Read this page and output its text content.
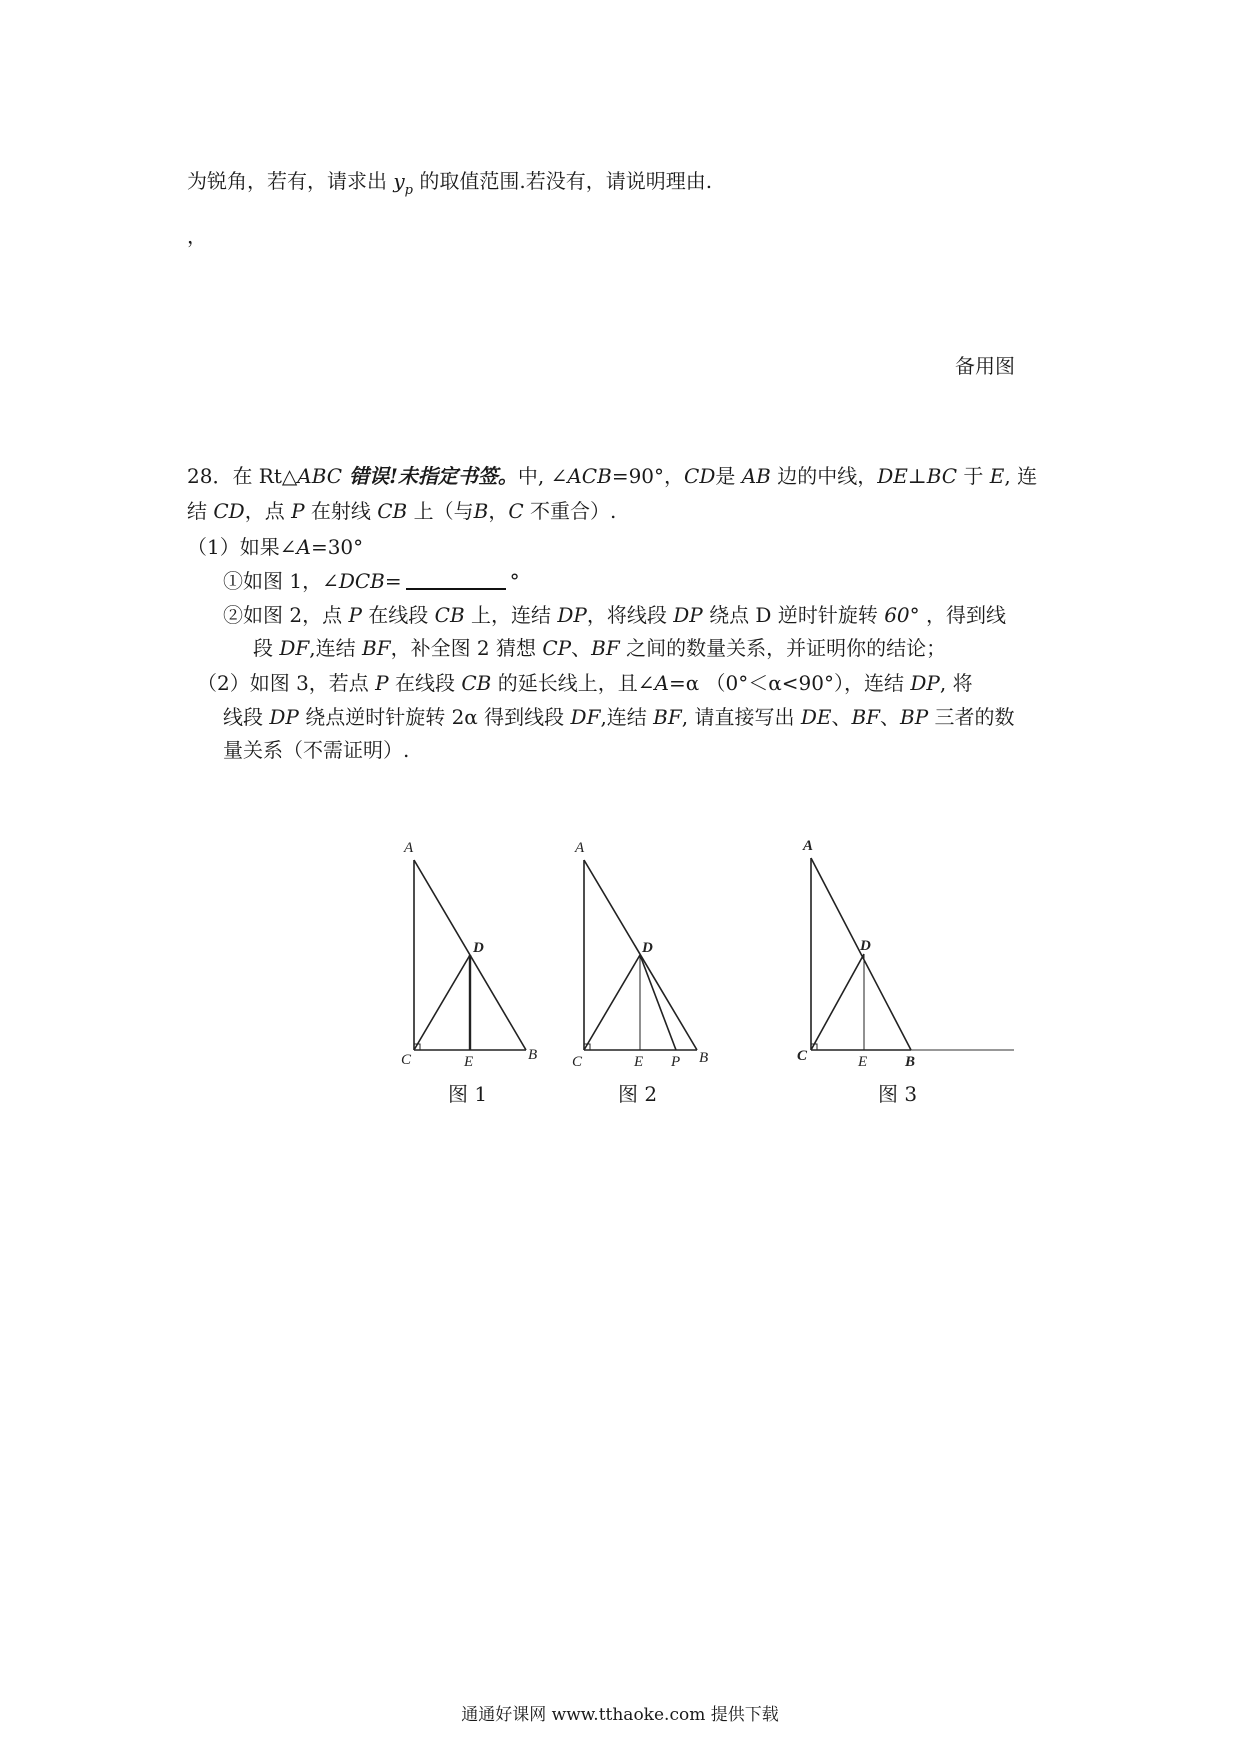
为锐角，若有，请求出 $y_p$ 的取值范围.若没有，请说明理由.
，
备用图
28．在 Rt△ABC 错误!未指定书签。中, ∠ACB=90°，CD是 AB 边的中线，DE⊥BC 于 E, 连
结 CD，点 P 在射线 CB 上（与B，C 不重合）.
（1）如果∠A=30°
①如图 1，∠DCB=	°
②如图 2，点 P 在线段 CB 上，连结 DP，将线段 DP 绕点 D 逆时针旋转 60° ，得到线
段 DF,连结 BF，补全图 2 猜想 CP、BF 之间的数量关系，并证明你的结论；
（2）如图 3，若点 P 在线段 CB 的延长线上，且∠A=α （0°＜α<90°），连结 DP, 将
线段 DP 绕点逆时针旋转 2α 得到线段 DF,连结 BF, 请直接写出 DE、BF、BP 三者的数
量关系（不需证明）.
A
D
C	E	B
A
D
C	E P B
A
D
C	E	B
图 1	图 2	图 3
通通好课网 www.tthaoke.com 提供下载
